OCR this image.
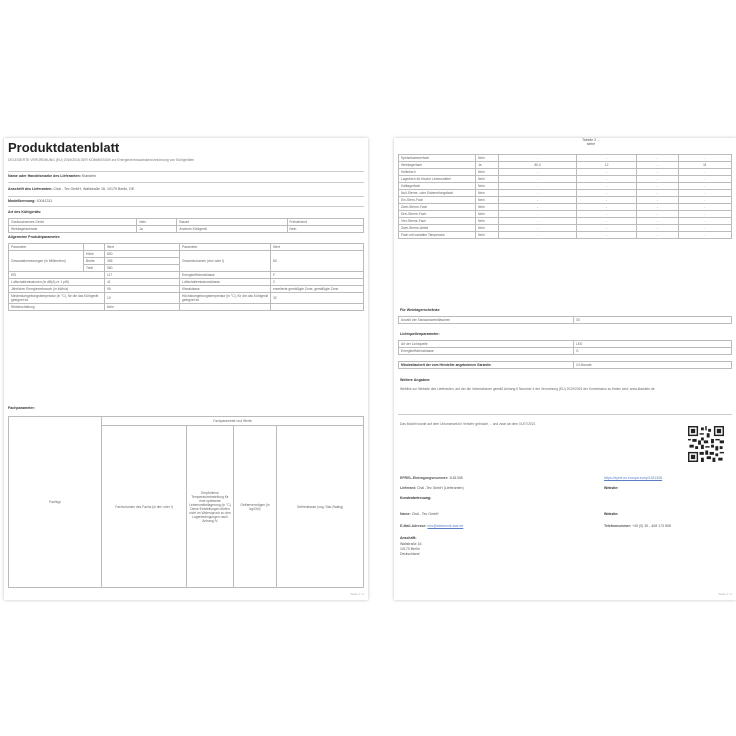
Produktdatenblatt
DELEGIERTE VERORDNUNG (EU) 2019/2016 DER KOMMISSION zur Energieverbrauchskennzeichnung von Kühlgeräten
Name oder Handelsmarke des Lieferanten: Klarstein
Anschrift des Lieferanten: Chal - Tec GmbH, Wallstraße 16, 10179 Berlin, DE
Modellkennung: 10041311
Art des Kühlgeräts:
Geräuscharmes Gerät	Nein	Bauart	Freistehend
Weinlagerschrank	Ja	Anderes Kühlgerät	Nein
Allgemeine Produktparameter:
Parameter		Wert	Parameter	Wert
Gesamtabmessungen (in Millimetern)	Höhe	800	Gesamtvolumen (dm³ oder l)	80
	Breite	355		
	Tiefe	580		
EEI		117	Energieeffizienzklasse	F
Luftschallemissionen (in dB(A) re 1 pW)		41	Luftschallemissionsklasse	C
Jährlicher Energieverbrauch (in kWh/a)		95	Klimaklasse	erweiterte gemäßigte Zone, gemäßigte Zone
Mindestumgebungstemperatur (in °C), für die das Kühlgerät geeignet ist		10	Höchstumgebungstemperatur (in °C), für die das Kühlgerät geeignet ist	32
Winterschaltung		Nein		
Fachparameter:
Fachtyp	Fachparameter und Werte			
	Fachvolumen des Fachs (in dm³ oder l)	Empfohlene Temperatureinstellung für eine optimierte Lebensmittellagerung (in °C) Diese Einstellungen dürfen nicht im Widerspruch zu den Lagerbedingungen nach Anhang IV	Gefriervermögen (in kg/24h)	Gefrierklasse (sog. Star-Rating)
Seite 1 / 2
Tabelle 3 ... siehe
Speisekammerfach	Nein	-	-	-	-
Weinlagerfach	Ja	80,0	12	-	M
Kellerfach	Nein	-	-	-	-
Lagerfach für frische Lebensmittel	Nein	-	-	-	-
Kaltlagerfach	Nein	-	-	-	-
Null-Sterne- oder Eisbereitungsfach	Nein	-	-	-	-
Ein-Stern-Fach	Nein	-	-	-	-
Zwei-Sterne-Fach	Nein	-	-	-	-
Drei-Sterne-Fach	Nein	-	-	-	-
Vier-Sterne-Fach	Nein	-	-	-	-
Zwei-Sterne-Abteil	Nein	-	-	-	-
Fach mit variabler Temperatur	Nein	-	-	-	-
Für Weinlagerschränke
Anzahl der Standardweinflaschen	33
Lichtquellenparameter:
Art der Lichtquelle	LED
Energieeffizienzklasse	G
Mindestlaufzeit der vom Hersteller angebotenen Garantie:	24 Monate
Weitere Angaben:
Weblink zur Website des Lieferanten, auf der die Informationen gemäß Anhang II Nummer 4 der Verordnung (EU) 2019/2019 der Kommission zu finden sind: www.klarstein.de
Das Modell wurde auf dem Unionsmarkt in Verkehr gebracht ... und zwar ab dem 01/07/2021
EPREL-Eintragungsnummer: 1181308	https://eprel.ec.europa.eu/qr/1181308
Lieferant: Chal -Tec GmbH (Lieferanten)	Website:
Kundenbetreuung:
Name: Chal - Tec GmbH	Website:
E-Mail-Adresse: info@elektronik-star.de	Telefonnummer: +49 (0) 30 - 408 173 508
Anschrift:
Wallstraße 16
10179 Berlin
Deutschland
Seite 2 / 2
